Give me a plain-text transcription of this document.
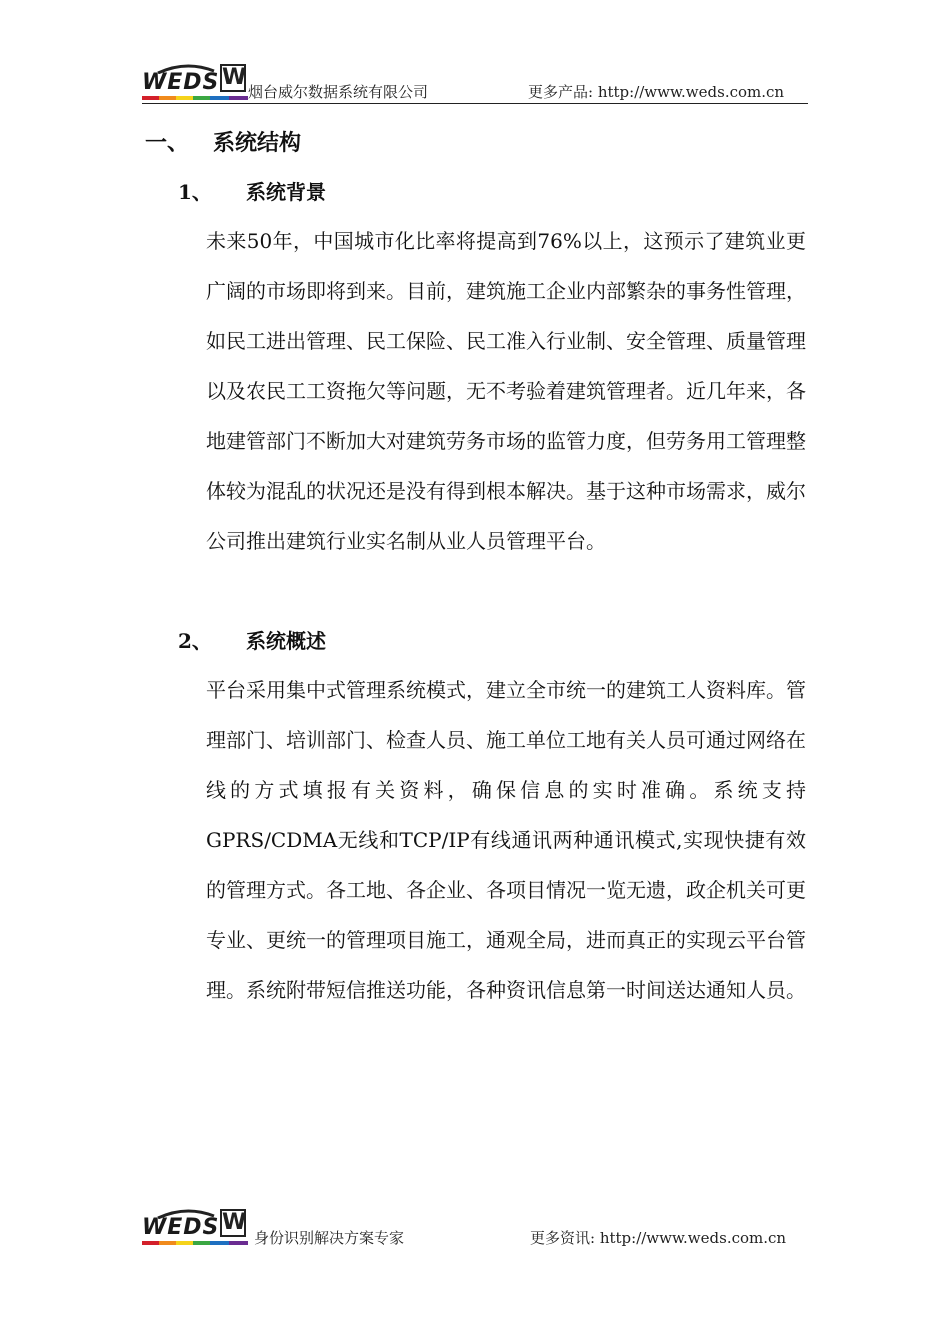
WEDS W
烟台威尔数据系统有限公司	更多产品: http://www.weds.com.cn
一、 系统结构
1、 系统背景
未来50年，中国城市化比率将提高到76%以上，这预示了建筑业更广阔的市场即将到来。目前，建筑施工企业内部繁杂的事务性管理，如民工进出管理、民工保险、民工准入行业制、安全管理、质量管理以及农民工工资拖欠等问题，无不考验着建筑管理者。近几年来，各地建管部门不断加大对建筑劳务市场的监管力度，但劳务用工管理整体较为混乱的状况还是没有得到根本解决。基于这种市场需求，威尔公司推出建筑行业实名制从业人员管理平台。
2、 系统概述
平台采用集中式管理系统模式，建立全市统一的建筑工人资料库。管理部门、培训部门、检查人员、施工单位工地有关人员可通过网络在线的方式填报有关资料，确保信息的实时准确。系统支持GPRS/CDMA无线和TCP/IP有线通讯两种通讯模式,实现快捷有效的管理方式。各工地、各企业、各项目情况一览无遗，政企机关可更专业、更统一的管理项目施工，通观全局，进而真正的实现云平台管理。系统附带短信推送功能，各种资讯信息第一时间送达通知人员。
WEDS W
身份识别解决方案专家	更多资讯: http://www.weds.com.cn
